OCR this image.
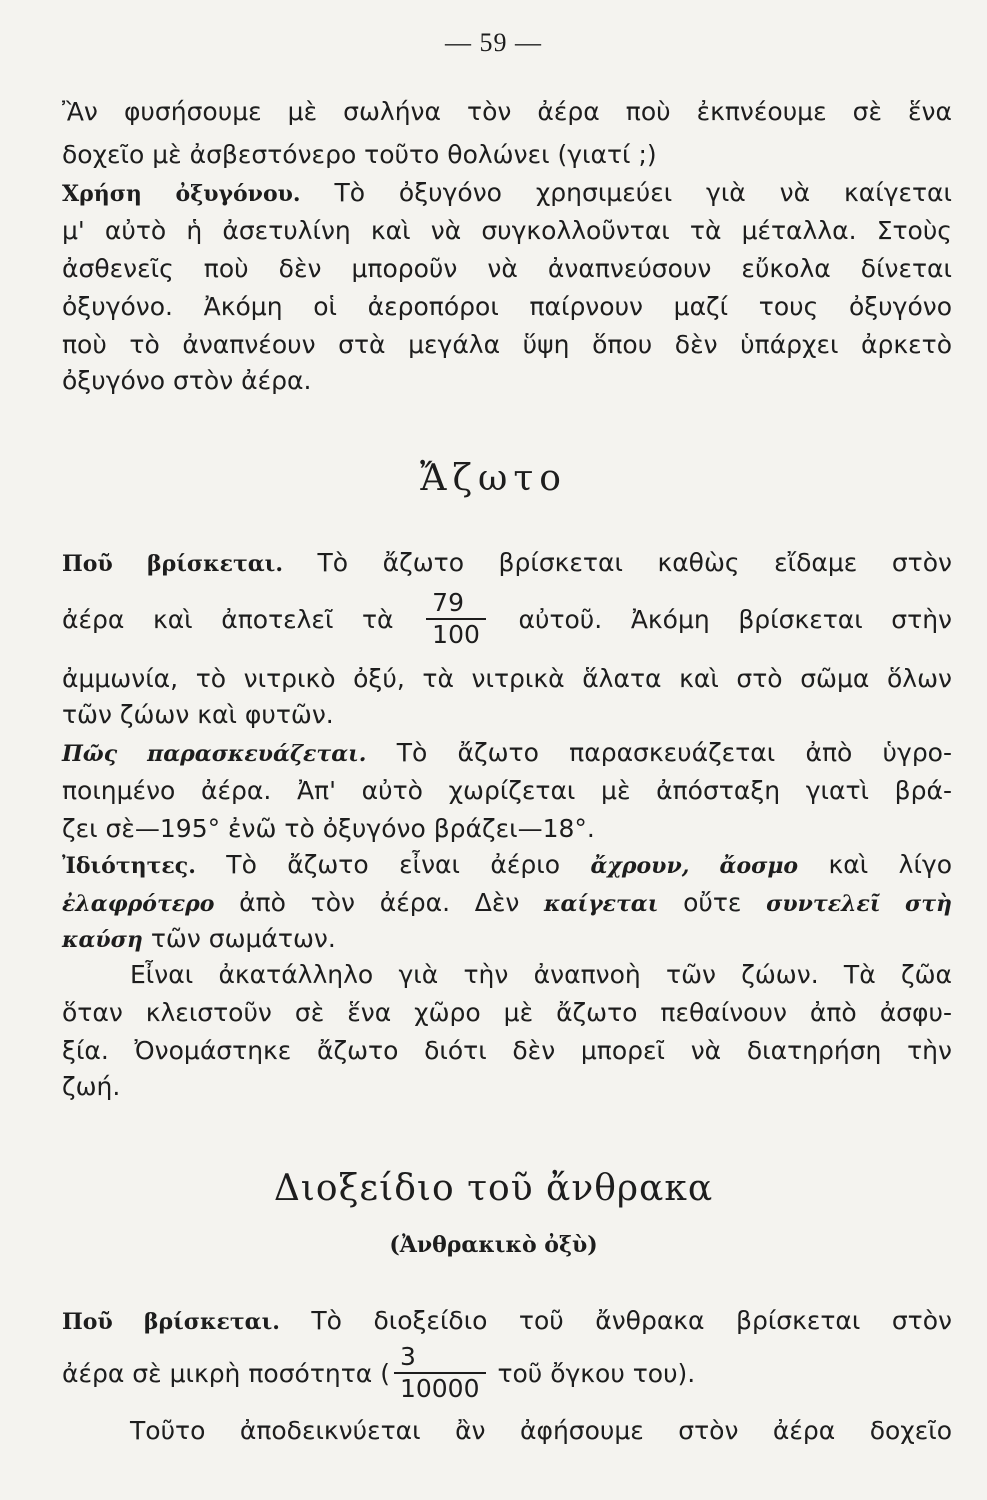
— 59 —
Ἂν φυσήσουμε μὲ σωλήνα τὸν ἀέρα ποὺ ἐκπνέουμε σὲ ἕνα
δοχεῖο μὲ ἀσβεστόνερο τοῦτο θολώνει (γιατί ;)
Χρήση ὀξυγόνου. Τὸ ὀξυγόνο χρησιμεύει γιὰ νὰ καίγεται
μ' αὐτὸ ἡ ἀσετυλίνη καὶ νὰ συγκολλοῦνται τὰ μέταλλα. Στοὺς
ἀσθενεῖς ποὺ δὲν μποροῦν νὰ ἀναπνεύσουν εὔκολα δίνεται
ὀξυγόνο. Ἀκόμη οἱ ἀεροπόροι παίρνουν μαζί τους ὀξυγόνο
ποὺ τὸ ἀναπνέουν στὰ μεγάλα ὕψη ὅπου δὲν ὑπάρχει ἀρκετὸ
ὀξυγόνο στὸν ἀέρα.
Ἄζωτο
Ποῦ βρίσκεται. Τὸ ἄζωτο βρίσκεται καθὼς εἴδαμε στὸν
ἀέρα καὶ ἀποτελεῖ τὰ $\frac{79}{100}$ αὐτοῦ. Ἀκόμη βρίσκεται στὴν
ἀμμωνία, τὸ νιτρικὸ ὀξύ, τὰ νιτρικὰ ἅλατα καὶ στὸ σῶμα ὅλων
τῶν ζώων καὶ φυτῶν.
Πῶς παρασκευάζεται. Τὸ ἄζωτο παρασκευάζεται ἀπὸ ὑγρο-
ποιημένο ἀέρα. Ἀπ' αὐτὸ χωρίζεται μὲ ἀπόσταξη γιατὶ βρά-
ζει σὲ—195° ἐνῶ τὸ ὀξυγόνο βράζει—18°.
Ἰδιότητες. Τὸ ἄζωτο εἶναι ἀέριο ἄχρουν, ἄοσμο καὶ λίγο
ἐλαφρότερο ἀπὸ τὸν ἀέρα. Δὲν καίγεται οὔτε συντελεῖ στὴ
καύση τῶν σωμάτων.
Εἶναι ἀκατάλληλο γιὰ τὴν ἀναπνοὴ τῶν ζώων. Τὰ ζῶα
ὅταν κλειστοῦν σὲ ἕνα χῶρο μὲ ἄζωτο πεθαίνουν ἀπὸ ἀσφυ-
ξία. Ὀνομάστηκε ἄζωτο διότι δὲν μπορεῖ νὰ διατηρήση τὴν
ζωή.
Διοξείδιο τοῦ ἄνθρακα
(Ἀνθρακικὸ ὀξὺ)
Ποῦ βρίσκεται. Τὸ διοξείδιο τοῦ ἄνθρακα βρίσκεται στὸν
ἀέρα σὲ μικρὴ ποσότητα ( $\frac{3}{10000}$ τοῦ ὄγκου του).
Τοῦτο ἀποδεικνύεται ἂν ἀφήσουμε στὸν ἀέρα δοχεῖο
